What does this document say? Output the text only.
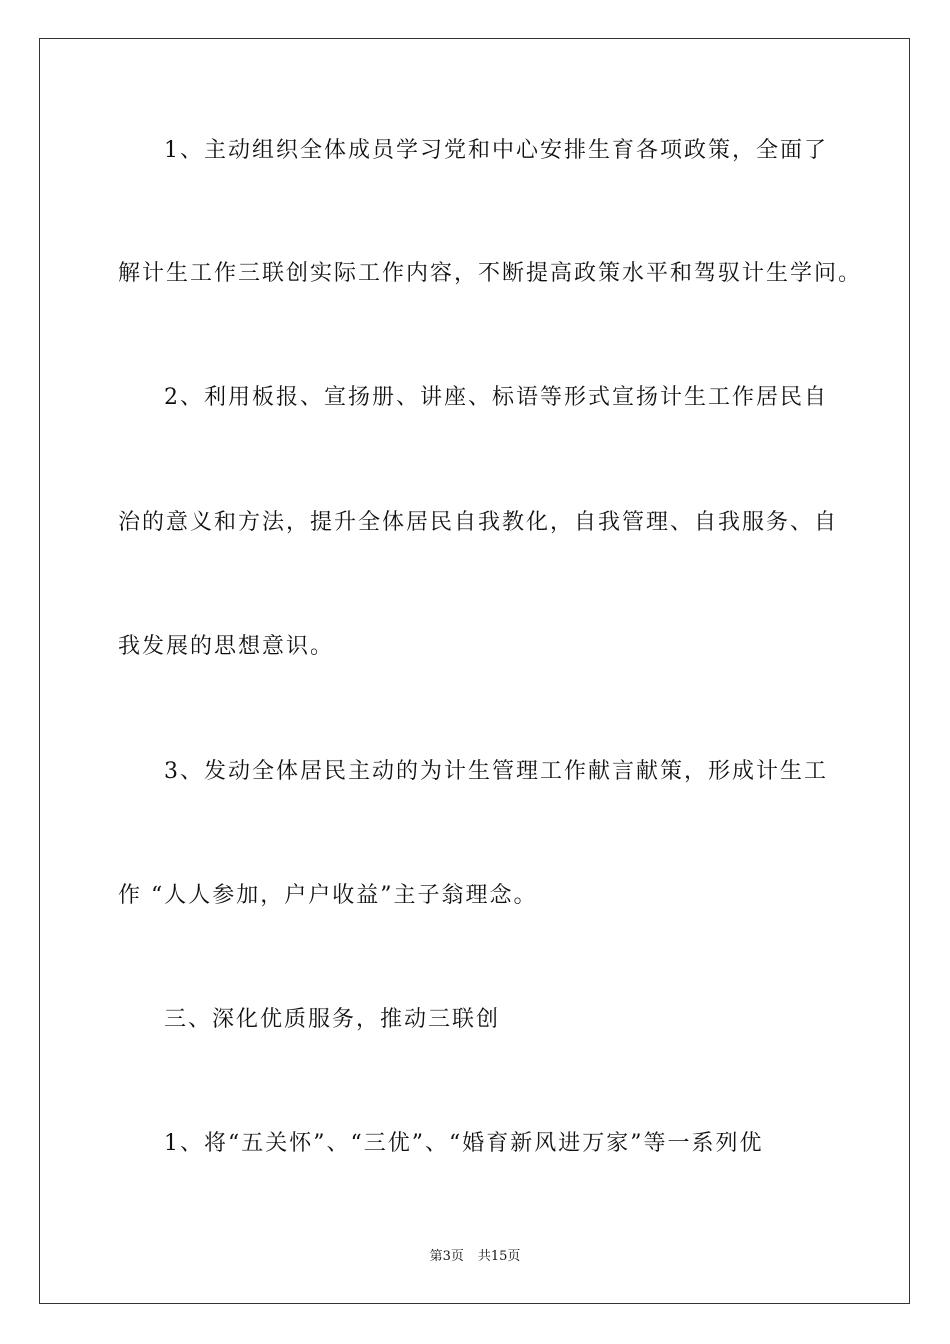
1、主动组织全体成员学习党和中心安排生育各项政策，全面了
解计生工作三联创实际工作内容，不断提高政策水平和驾驭计生学问。
2、利用板报、宣扬册、讲座、标语等形式宣扬计生工作居民自
治的意义和方法，提升全体居民自我教化，自我管理、自我服务、自
我发展的思想意识。
3、发动全体居民主动的为计生管理工作献言献策，形成计生工
作 “人人参加，户户收益”主子翁理念。
三、深化优质服务，推动三联创
1、将“五关怀”、“三优”、“婚育新风进万家”等一系列优
第3页 共15页
